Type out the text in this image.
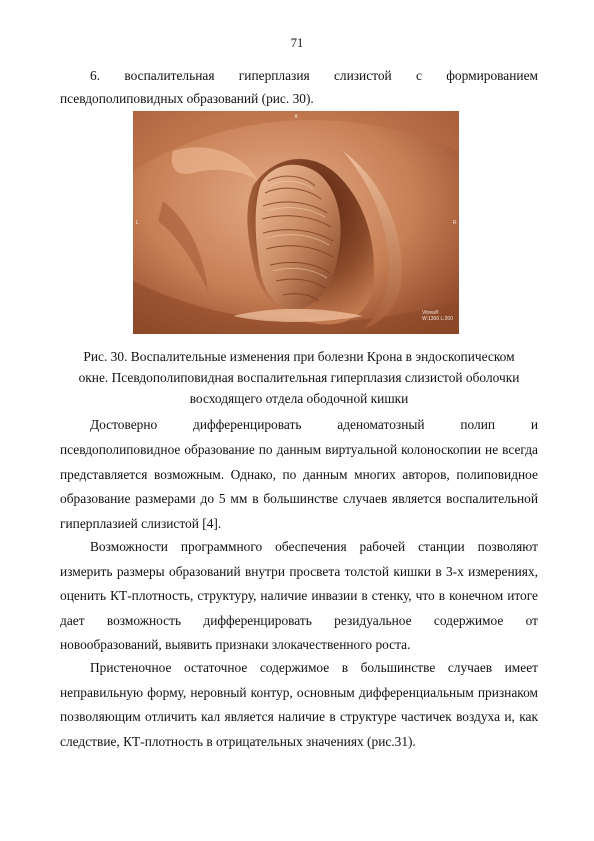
71
6. воспалительная гиперплазия слизистой с формированием
псевдополиповидных образований (рис. 30).
A
L	R
Vitrea®
W:1300 L:200
Рис. 30. Воспалительные изменения при болезни Крона в эндоскопическом
окне. Псевдополиповидная воспалительная гиперплазия слизистой оболочки
восходящего отдела ободочной кишки
Достоверно дифференцировать аденоматозный полип и
псевдополиповидное образование по данным виртуальной колоноскопии не всегда представляется возможным. Однако, по данным многих авторов, полиповидное образование размерами до 5 мм в большинстве случаев является воспалительной гиперплазией слизистой [4].
Возможности программного обеспечения рабочей станции позволяют измерить размеры образований внутри просвета толстой кишки в 3-х измерениях, оценить КТ-плотность, структуру, наличие инвазии в стенку, что в конечном итоге дает возможность дифференцировать резидуальное содержимое от новообразований, выявить признаки злокачественного роста.
Пристеночное остаточное содержимое в большинстве случаев имеет неправильную форму, неровный контур, основным дифференциальным признаком позволяющим отличить кал является наличие в структуре частичек воздуха и, как следствие, КТ-плотность в отрицательных значениях (рис.31).
